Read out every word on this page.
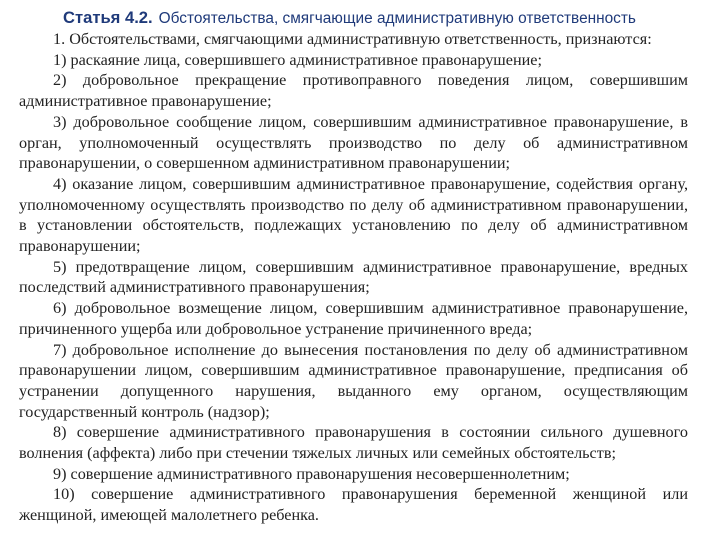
Статья 4.2. Обстоятельства, смягчающие административную ответственность

1. Обстоятельствами, смягчающими административную ответственность, признаются:

1) раскаяние лица, совершившего административное правонарушение;

2) добровольное прекращение противоправного поведения лицом, совершившим административное правонарушение;

3) добровольное сообщение лицом, совершившим административное правонарушение, в орган, уполномоченный осуществлять производство по делу об административном правонарушении, о совершенном административном правонарушении;

4) оказание лицом, совершившим административное правонарушение, содействия органу, уполномоченному осуществлять производство по делу об административном правонарушении, в установлении обстоятельств, подлежащих установлению по делу об административном правонарушении;

5) предотвращение лицом, совершившим административное правонарушение, вредных последствий административного правонарушения;

6) добровольное возмещение лицом, совершившим административное правонарушение, причиненного ущерба или добровольное устранение причиненного вреда;

7) добровольное исполнение до вынесения постановления по делу об административном правонарушении лицом, совершившим административное правонарушение, предписания об устранении допущенного нарушения, выданного ему органом, осуществляющим государственный контроль (надзор);

8) совершение административного правонарушения в состоянии сильного душевного волнения (аффекта) либо при стечении тяжелых личных или семейных обстоятельств;

9) совершение административного правонарушения несовершеннолетним;

10) совершение административного правонарушения беременной женщиной или женщиной, имеющей малолетнего ребенка.
